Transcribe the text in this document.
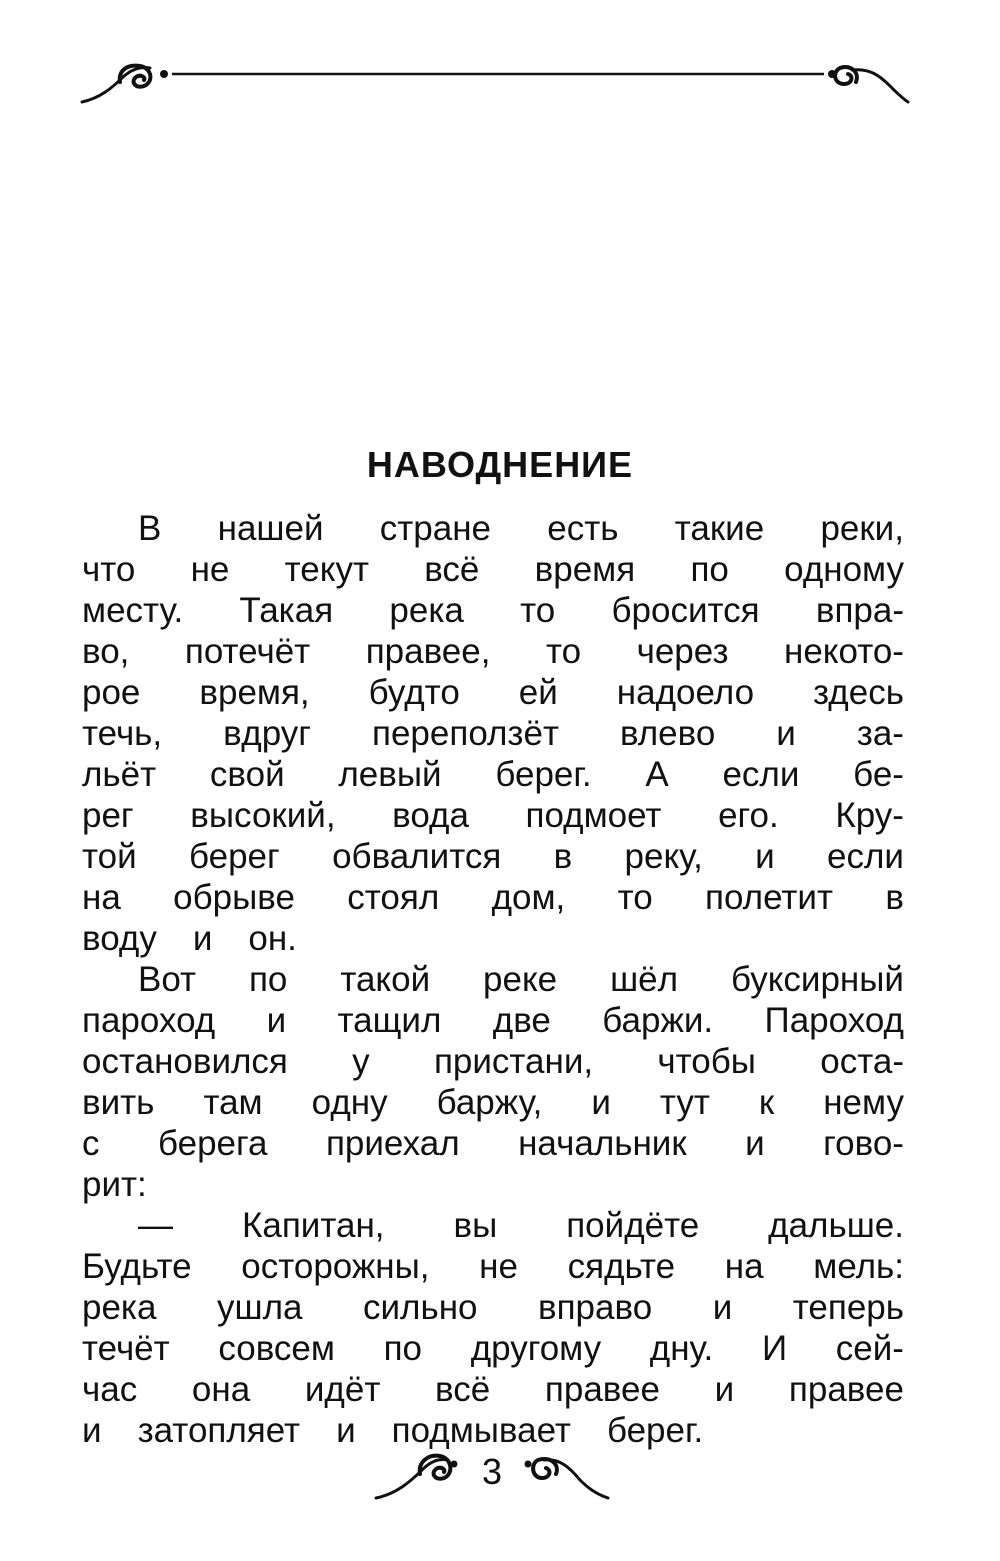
НАВОДНЕНИЕ
В нашей стране есть такие реки,
что не текут всё время по одному
месту. Такая река то бросится впра-
во, потечёт правее, то через некото-
рое время, будто ей надоело здесь
течь, вдруг переползёт влево и за-
льёт свой левый берег. А если бе-
рег высокий, вода подмоет его. Кру-
той берег обвалится в реку, и если
на обрыве стоял дом, то полетит в
воду и он.
Вот по такой реке шёл буксирный
пароход и тащил две баржи. Пароход
остановился у пристани, чтобы оста-
вить там одну баржу, и тут к нему
с берега приехал начальник и гово-
рит:
— Капитан, вы пойдёте дальше.
Будьте осторожны, не сядьте на мель:
река ушла сильно вправо и теперь
течёт совсем по другому дну. И сей-
час она идёт всё правее и правее
и затопляет и подмывает берег.
3
